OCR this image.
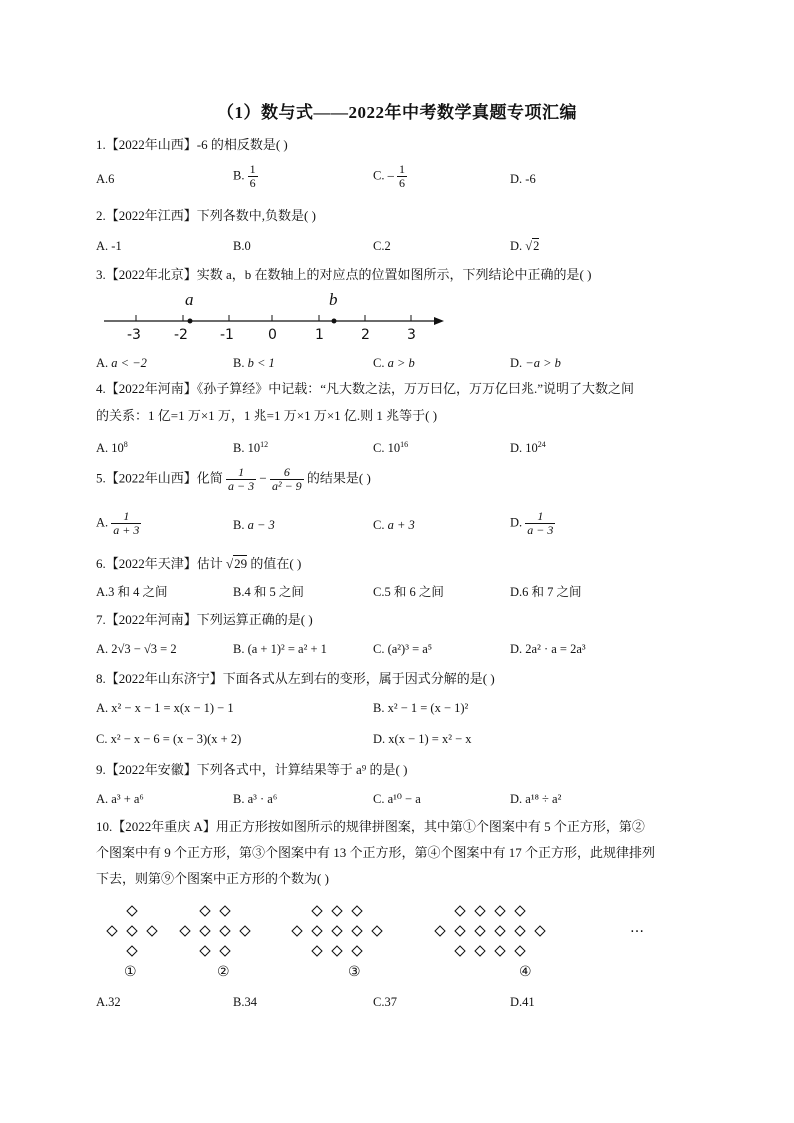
（1）数与式——2022年中考数学真题专项汇编
1.【2022年山西】-6 的相反数是( )
A.6	B. $\frac{1}{6}$	C. – $\frac{1}{6}$	D. -6
2.【2022年江西】下列各数中,负数是( )
A. -1	B.0	C.2	D. √2
3.【2022年北京】实数 a，b 在数轴上的对应点的位置如图所示，下列结论中正确的是( )
a	b
-3 -2 -1 0	1	2	3
A. a < −2	B. b < 1	C. a > b	D. −a > b
4.【2022年河南】《孙子算经》中记载：“凡大数之法，万万曰亿，万万亿曰兆.”说明了大数之间
的关系：1 亿=1 万×1 万，1 兆=1 万×1 万×1 亿.则 1 兆等于( )
A. $10^8$	B. $10^{12}$	C. $10^{16}$	D. $10^{24}$
5.【2022年山西】化简 $\frac{1}{a - 3} - \frac{6}{\text{a² − 9}}$ 的结果是( )
A. $\frac{1}{a + 3}$	B. a − 3	C. a + 3	D. $\frac{1}{a - 3}$
6.【2022年天津】估计 √29 的值在( )
A.3 和 4 之间	B.4 和 5 之间	C.5 和 6 之间	D.6 和 7 之间
7.【2022年河南】下列运算正确的是( )
A. 2√3 − √3 = 2	B. (a + 1)² = a² + 1	C. (a²)³ = a⁵	D. 2a² · a = 2a³
8.【2022年山东济宁】下面各式从左到右的变形，属于因式分解的是( )
A. x² − x − 1 = x(x − 1) − 1	B. x² − 1 = (x − 1)²
C. x² − x − 6 = (x − 3)(x + 2)	D. x(x − 1) = x² − x
9.【2022年安徽】下列各式中，计算结果等于 a⁹ 的是( )
A. a³ + a⁶	B. a³ · a⁶	C. a¹⁰ − a	D. a¹⁸ ÷ a²
10.【2022年重庆 A】用正方形按如图所示的规律拼图案，其中第①个图案中有 5 个正方形，第②
个图案中有 9 个正方形，第③个图案中有 13 个正方形，第④个图案中有 17 个正方形，此规律排列
下去，则第⑨个图案中正方形的个数为( )
①	②	③	④
…
A.32	B.34	C.37	D.41
